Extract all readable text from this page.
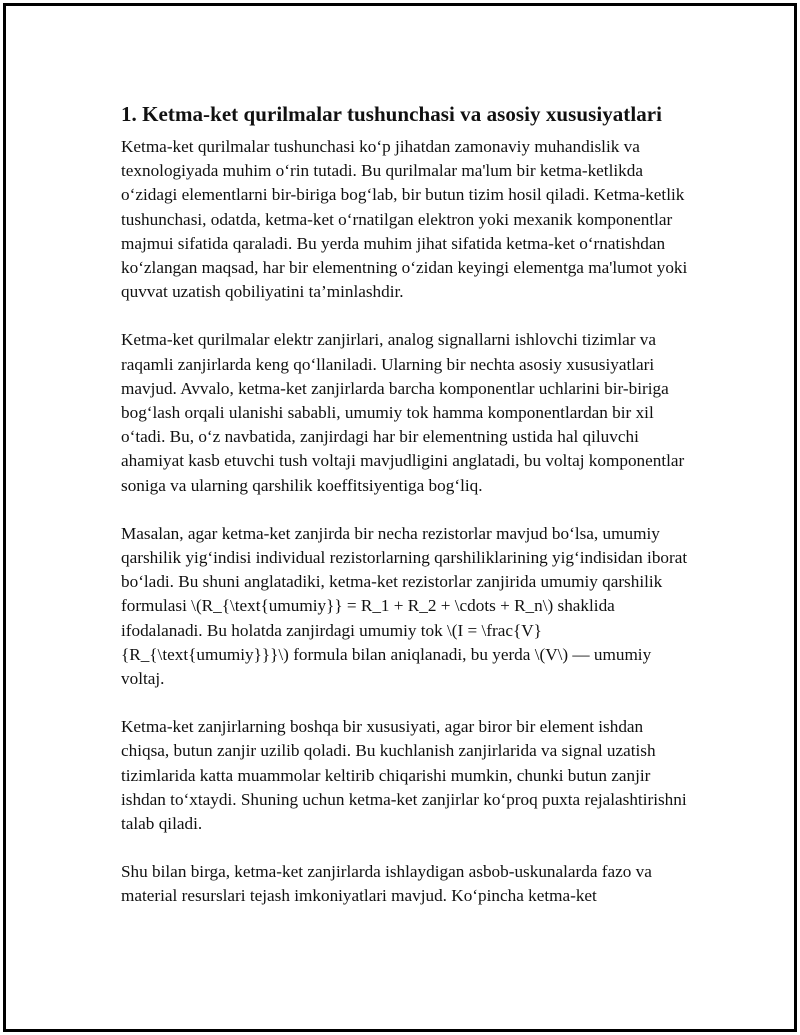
1. Ketma-ket qurilmalar tushunchasi va asosiy xususiyatlari

Ketma-ket qurilmalar tushunchasi ko‘p jihatdan zamonaviy muhandislik va texnologiyada muhim o‘rin tutadi. Bu qurilmalar ma'lum bir ketma-ketlikda o‘zidagi elementlarni bir-biriga bog‘lab, bir butun tizim hosil qiladi. Ketma-ketlik tushunchasi, odatda, ketma-ket o‘rnatilgan elektron yoki mexanik komponentlar majmui sifatida qaraladi. Bu yerda muhim jihat sifatida ketma-ket o‘rnatishdan ko‘zlangan maqsad, har bir elementning o‘zidan keyingi elementga ma'lumot yoki quvvat uzatish qobiliyatini ta’minlashdir.

Ketma-ket qurilmalar elektr zanjirlari, analog signallarni ishlovchi tizimlar va raqamli zanjirlarda keng qo‘llaniladi. Ularning bir nechta asosiy xususiyatlari mavjud. Avvalo, ketma-ket zanjirlarda barcha komponentlar uchlarini bir-biriga bog‘lash orqali ulanishi sababli, umumiy tok hamma komponentlardan bir xil o‘tadi. Bu, o‘z navbatida, zanjirdagi har bir elementning ustida hal qiluvchi ahamiyat kasb etuvchi tush voltaji mavjudligini anglatadi, bu voltaj komponentlar soniga va ularning qarshilik koeffitsiyentiga bog‘liq.

Masalan, agar ketma-ket zanjirda bir necha rezistorlar mavjud bo‘lsa, umumiy qarshilik yig‘indisi individual rezistorlarning qarshiliklarining yig‘indisidan iborat bo‘ladi. Bu shuni anglatadiki, ketma-ket rezistorlar zanjirida umumiy qarshilik formulasi \(R_{\text{umumiy}} = R_1 + R_2 + \cdots + R_n\) shaklida ifodalanadi. Bu holatda zanjirdagi umumiy tok \(I = \frac{V}{R_{\text{umumiy}}}\) formula bilan aniqlanadi, bu yerda \(V\) — umumiy voltaj.

Ketma-ket zanjirlarning boshqa bir xususiyati, agar biror bir element ishdan chiqsa, butun zanjir uzilib qoladi. Bu kuchlanish zanjirlarida va signal uzatish tizimlarida katta muammolar keltirib chiqarishi mumkin, chunki butun zanjir ishdan to‘xtaydi. Shuning uchun ketma-ket zanjirlar ko‘proq puxta rejalashtirishni talab qiladi.

Shu bilan birga, ketma-ket zanjirlarda ishlaydigan asbob-uskunalarda fazo va material resurslari tejash imkoniyatlari mavjud. Ko‘pincha ketma-ket
